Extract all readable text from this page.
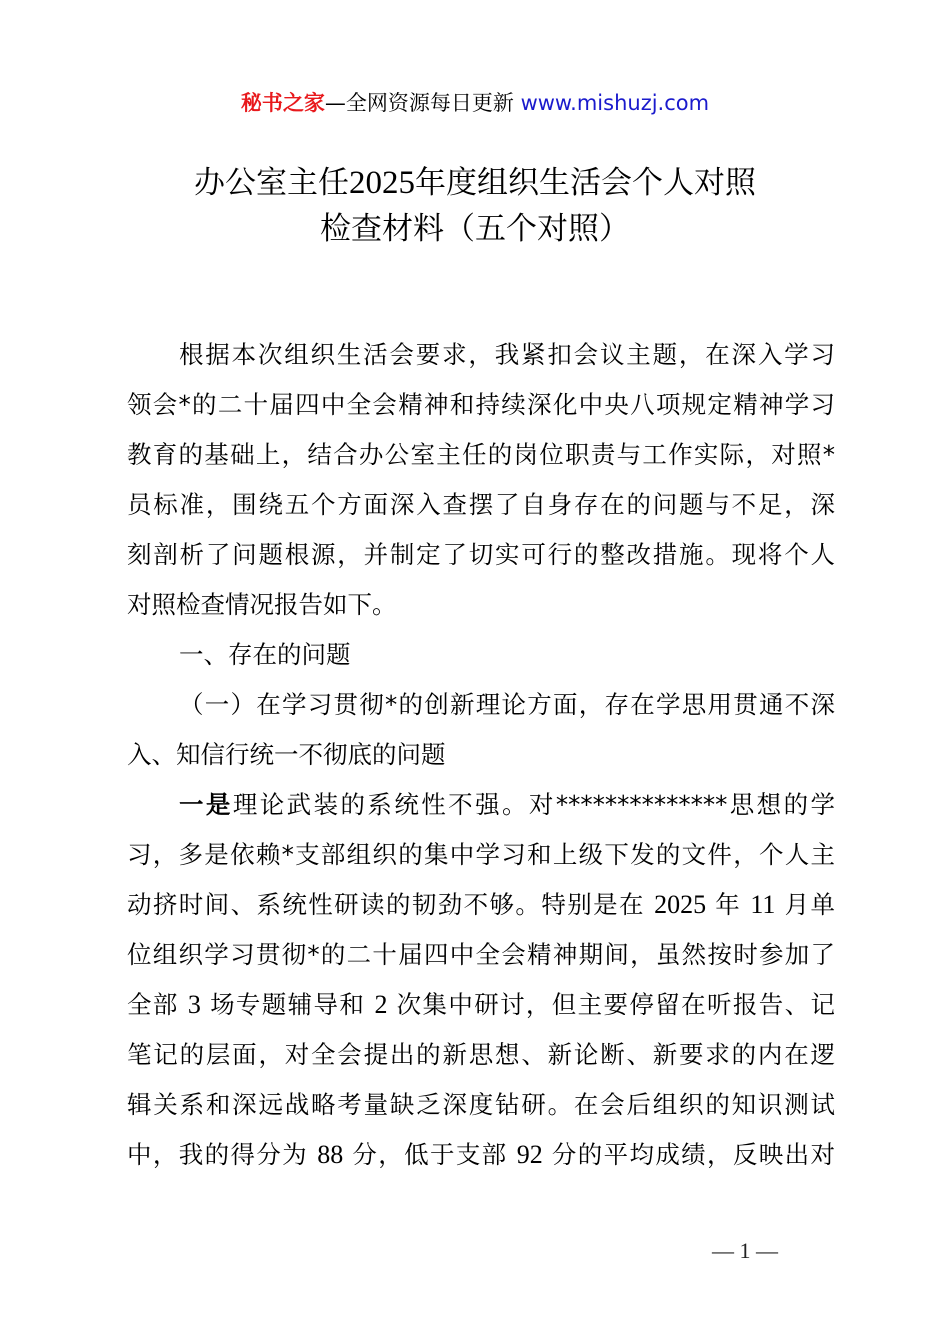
秘书之家—全网资源每日更新 www.mishuzj.com
办公室主任2025年度组织生活会个人对照
检查材料（五个对照）
根据本次组织生活会要求，我紧扣会议主题，在深入学习
领会*的二十届四中全会精神和持续深化中央八项规定精神学习
教育的基础上，结合办公室主任的岗位职责与工作实际，对照*
员标准，围绕五个方面深入查摆了自身存在的问题与不足，深
刻剖析了问题根源，并制定了切实可行的整改措施。现将个人
对照检查情况报告如下。
一、存在的问题
（一）在学习贯彻*的创新理论方面，存在学思用贯通不深
入、知信行统一不彻底的问题
一是理论武装的系统性不强。对**************思想的学
习，多是依赖*支部组织的集中学习和上级下发的文件，个人主
动挤时间、系统性研读的韧劲不够。特别是在 2025 年 11 月单
位组织学习贯彻*的二十届四中全会精神期间，虽然按时参加了
全部 3 场专题辅导和 2 次集中研讨，但主要停留在听报告、记
笔记的层面，对全会提出的新思想、新论断、新要求的内在逻
辑关系和深远战略考量缺乏深度钻研。在会后组织的知识测试
中，我的得分为 88 分，低于支部 92 分的平均成绩，反映出对
— 1 —
